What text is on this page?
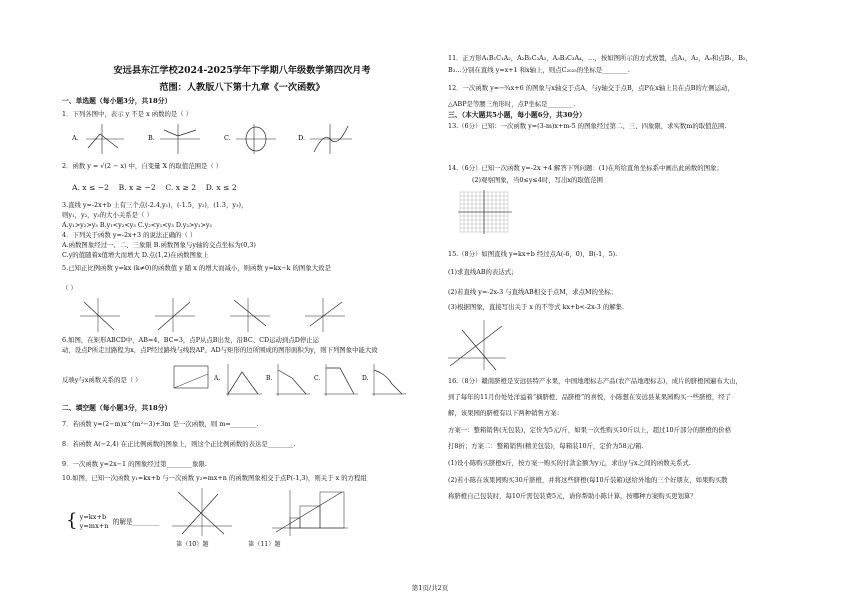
安远县东江学校2024-2025学年下学期八年级数学第四次月考
范围：人教版八下第十九章《一次函数》
一、单选题（每小题3分，共18分）
1．下列各图中，表示 y 不是 x 函数的是（ ）
A.	B.	C.	D.
2．函数 y = √(2 − x) 中，自变量 X 的取值范围是（ ）
A. x ≤ −2 B. x ≥ −2 C. x ≥ 2 D. x ≤ 2
3.直线 y=-2x+b 上有三个点(-2.4,y₁)，(-1.5，y₂)，(1.3，y₃)，
则y₁，y₂，y₃的大小关系是（ ）
A.y₁>y₂>y₃ B.y₁<y₂<y₃ C.y₂<y₁<y₃ D.y₂>y₁>y₃
4．下列关于函数 y=-2x+3 的说法正确的（ ）
A.函数图象经过一、二、三象限 B.函数图象与y轴的交点坐标为(0,3)
C.y的值随着x值增大而增大 D.点(1,2)在函数图象上
5.已知正比例函数 y=kx (k≠0)的函数值 y 随 x 的增大而减小，则函数 y=kx−k 的图象大致是
（ ）
6.如图，在矩形ABCD中，AB=4，BC=3，点P从点B出发，沿BC、CD运动到点D停止运
动，设点P所走过路程为x，点P经过路线与线段AP、AD与矩形的边所围成的图形面积为y，则下列图象中能大致
反映y与x函数关系的是（ ）	A.	B.	C.	D.
二、填空题（每小题3分，共18分）
7．若函数 y=(2−m)x^(m²−3)+3m 是一次函数，则 m=________.
8．若函数 A(−2,4) 在正比例函数的图象上，则这个正比例函数的表达是________.
9．一次函数 y=2x−1 的图象经过第________象限.
10.如图，已知一次函数 y₁=kx+b 与一次函数 y₂=mx+n 的函数图象相交于点P(-1,3)，则关于 x 的方程组
{ y=kx+b
y=mx+n 的解是________
第（10）题	第（11）题
11．正方形A₁B₁C₁A₂，A₂B₂C₂A₃，A₃B₃C₃A₄，…，按如图所示的方式放置，点A₁，A₂，A₃和点B₁，B₂，
B₃…分别在直线 y=x+1 和x轴上，则点C₂₀₂₅的坐标是________.
12．一次函数 y=−¾x+6 的图象与x轴交于点A，与y轴交于点B，点P在x轴上且在点B的左侧运动，
△ABP是等腰三角形时，点P坐标是________.
三、（本大题共5小题，每小题6分，共30分）
13.（6分）已知：一次函数 y=(3-m)x+m-5 的图象经过第二、三、四象限，求实数m的取值范围.
14.（6分）已知一次函数 y=-2x +4 解答下列问题：(1)在所给直角坐标系中画出此函数的图象；
(2)观察图象，当0≤y≤4时，写出x的取值范围
15.（8分）如图直线 y=kx+b 经过点A(-6，0)，B(-1，5).
(1)求直线AB的表达式；
(2)若直线 y=-2x-3 与直线AB相交于点M，求点M的坐标；
(3)根据图象，直接写出关于 x 的不等式 kx+b<-2x-3 的解集.
16.（8分）赣南脐橙是安远县特产水果，中国地理标志产品(农产品地理标志)，成片的脐橙园遍布大山，
到了每年的11月份处处洋溢着“摘脐橙、品脐橙”的喜悦，小陈想在安远县某果园购买一些脐橙，经了
解，该果园的脐橙有以下两种销售方案：
方案一：整箱销售(无包装)，定价为5元/斤，如果一次性购买10斤以上，超过10斤部分的脐橙的价格
打8折；方案二：整箱销售(精美包装)，每箱装10斤，定价为58元/箱.
(1)设小陈购买脐橙x斤，按方案一购买的付款金额为y元，求出y与x之间的函数关系式.
(2)若小陈在该果园购买30斤脐橙，并将这些脐橙(每10斤装箱)送给外地的三个好朋友，如果购买散
称脐橙自己包装时，每10斤需包装费5元，请你帮助小陈计算，按哪种方案购买更划算？
第1页/共2页
